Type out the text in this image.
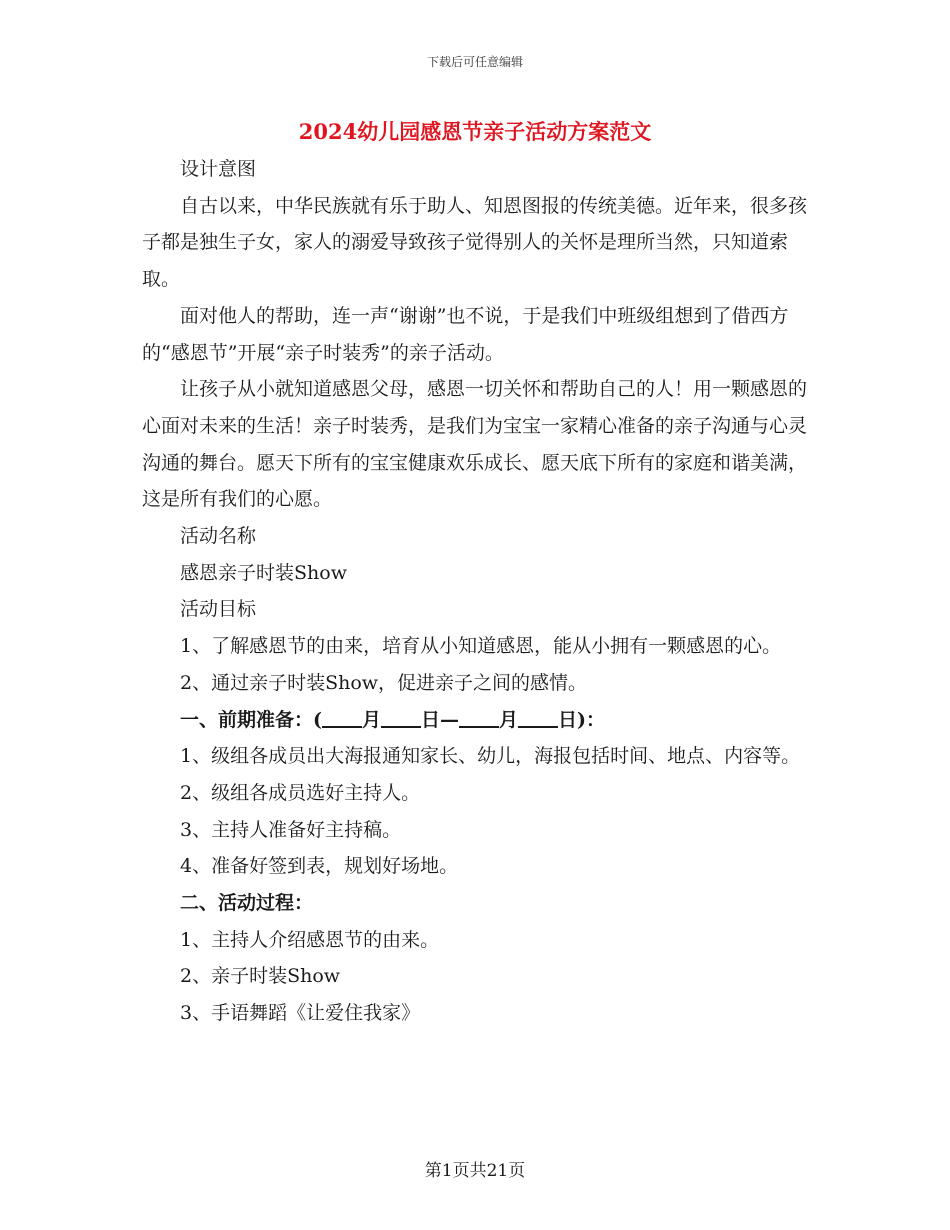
下载后可任意编辑
2024幼儿园感恩节亲子活动方案范文

设计意图

自古以来，中华民族就有乐于助人、知恩图报的传统美德。近年来，很多孩子都是独生子女，家人的溺爱导致孩子觉得别人的关怀是理所当然，只知道索取。

面对他人的帮助，连一声“谢谢”也不说，于是我们中班级组想到了借西方的“感恩节”开展“亲子时装秀”的亲子活动。

让孩子从小就知道感恩父母，感恩一切关怀和帮助自己的人！用一颗感恩的心面对未来的生活！亲子时装秀，是我们为宝宝一家精心准备的亲子沟通与心灵沟通的舞台。愿天下所有的宝宝健康欢乐成长、愿天底下所有的家庭和谐美满，这是所有我们的心愿。

活动名称

感恩亲子时装Show

活动目标

1、了解感恩节的由来，培育从小知道感恩，能从小拥有一颗感恩的心。

2、通过亲子时装Show，促进亲子之间的感情。

一、前期准备：( 月 日— 月 日)：

1、级组各成员出大海报通知家长、幼儿，海报包括时间、地点、内容等。

2、级组各成员选好主持人。

3、主持人准备好主持稿。

4、准备好签到表，规划好场地。

二、活动过程：

1、主持人介绍感恩节的由来。

2、亲子时装Show

3、手语舞蹈《让爱住我家》

第1页共21页
